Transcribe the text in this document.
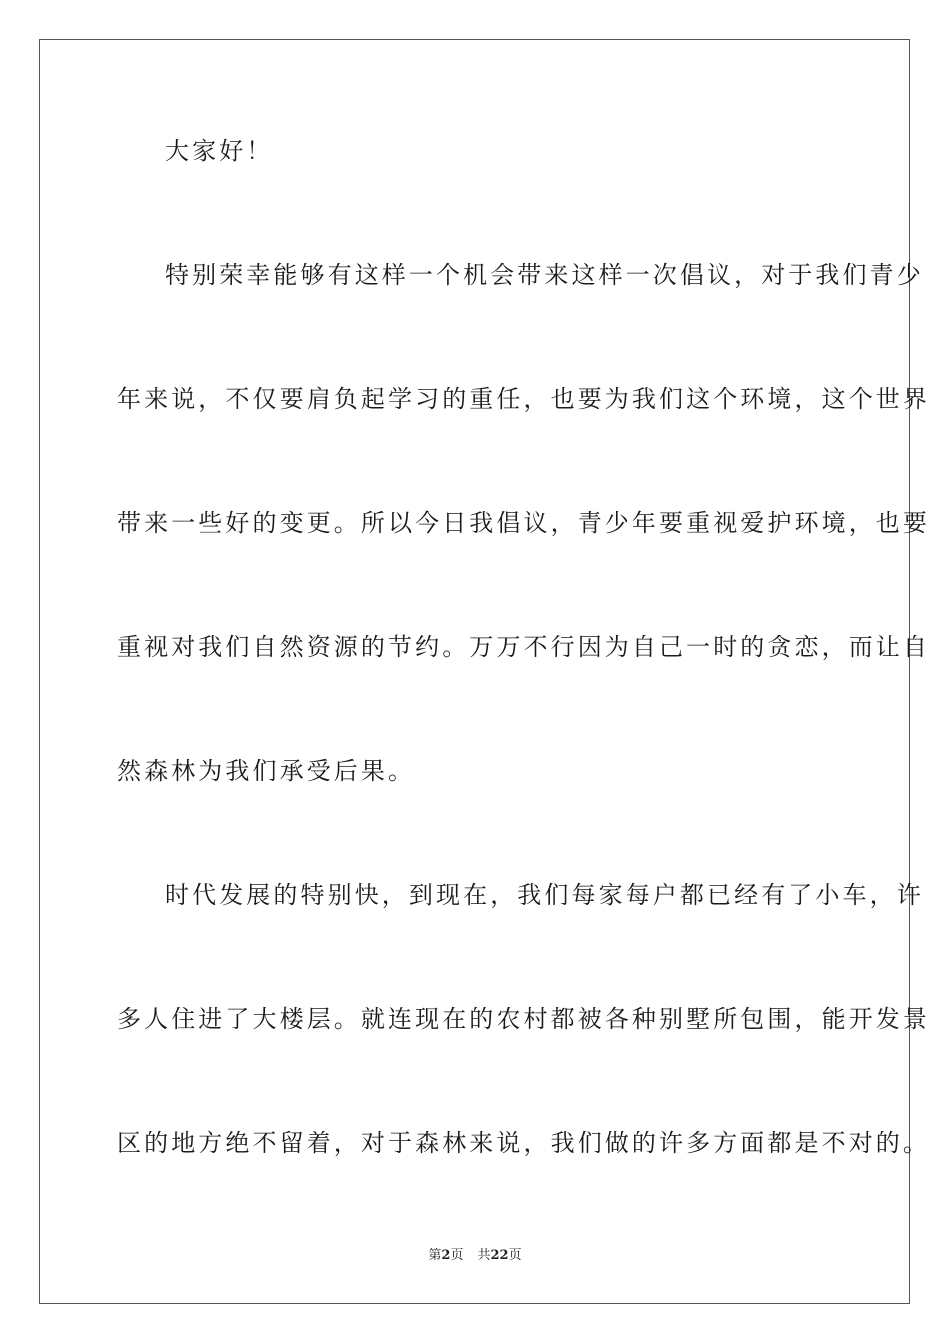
大家好！
特别荣幸能够有这样一个机会带来这样一次倡议，对于我们青少
年来说，不仅要肩负起学习的重任，也要为我们这个环境，这个世界
带来一些好的变更。所以今日我倡议，青少年要重视爱护环境，也要
重视对我们自然资源的节约。万万不行因为自己一时的贪恋，而让自
然森林为我们承受后果。
时代发展的特别快，到现在，我们每家每户都已经有了小车，许
多人住进了大楼层。就连现在的农村都被各种别墅所包围，能开发景
区的地方绝不留着，对于森林来说，我们做的许多方面都是不对的。
第2页 共22页
